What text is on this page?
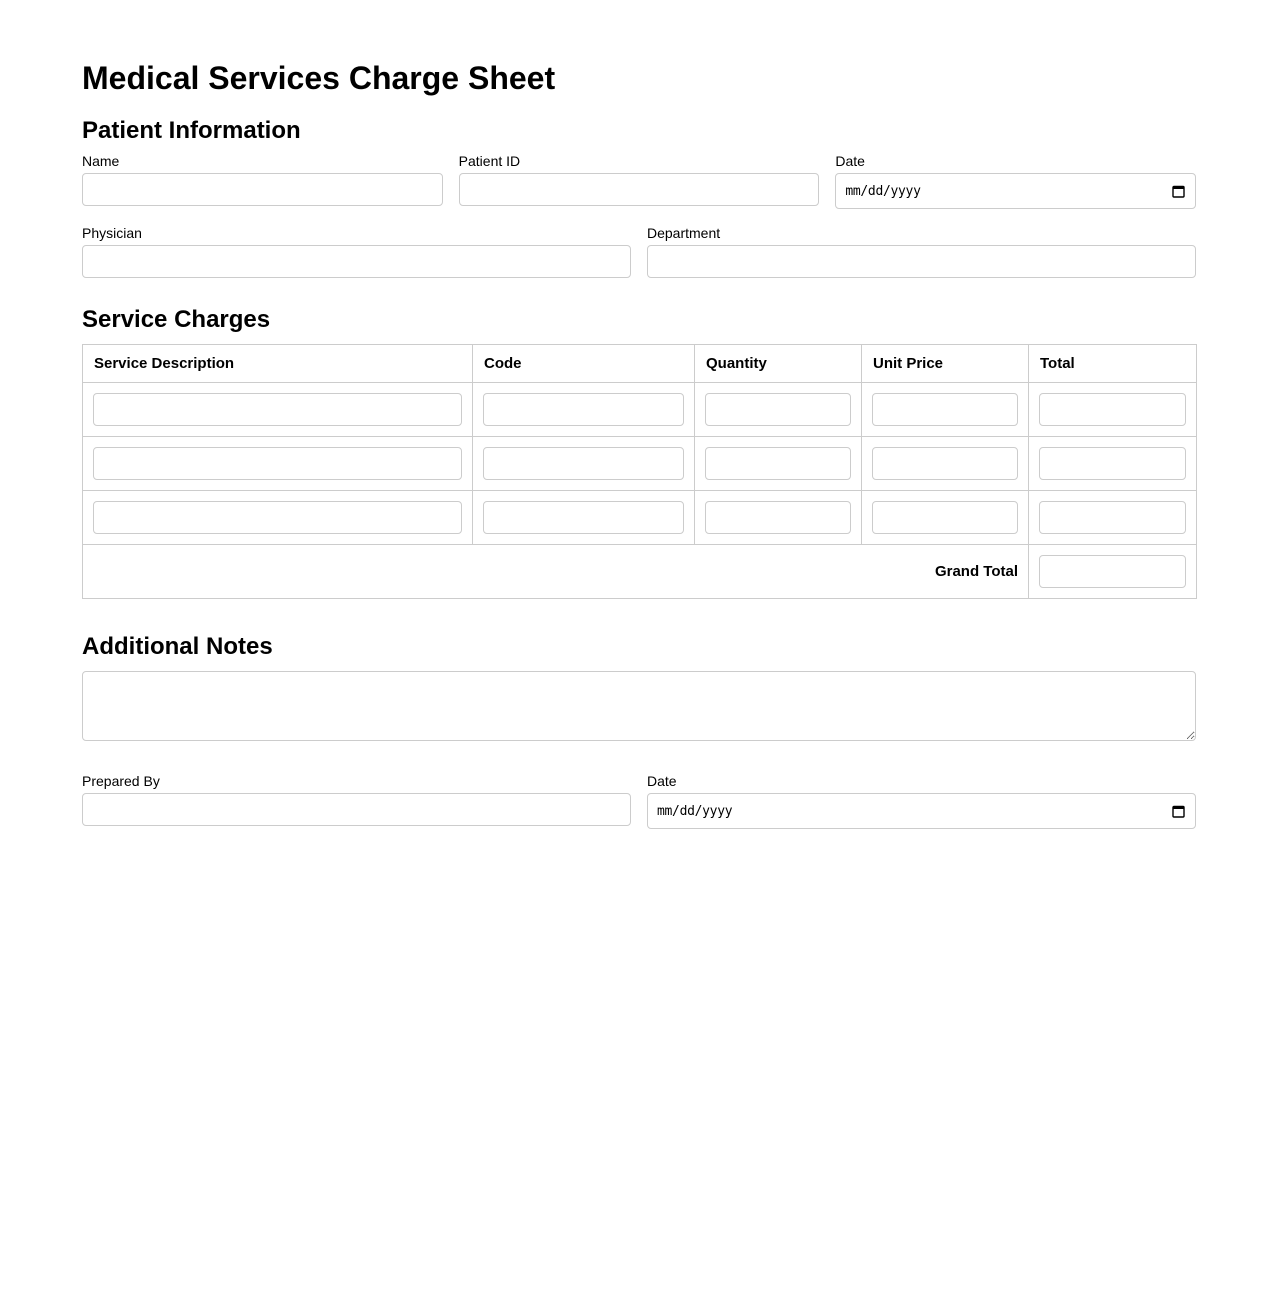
Medical Services Charge Sheet
Patient Information
Name	Patient ID	Date
mm/dd/yyyy
Physician	Department
Service Charges
Service Description	Code	Quantity	Unit Price	Total

Grand Total	
Additional Notes
Prepared By	Date
mm/dd/yyyy
